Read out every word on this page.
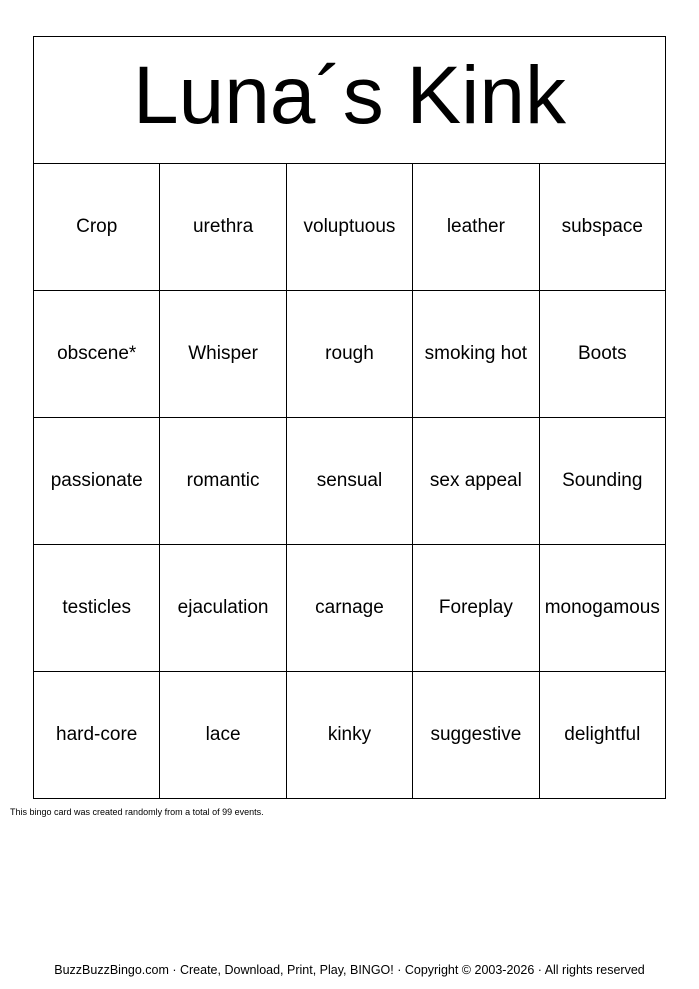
Luna´s Kink				
Crop	urethra	voluptuous	leather	subspace
obscene*	Whisper	rough	smoking hot	Boots
passionate	romantic	sensual	sex appeal	Sounding
testicles	ejaculation	carnage	Foreplay	monogamous
hard-core	lace	kinky	suggestive	delightful
This bingo card was created randomly from a total of 99 events.
BuzzBuzzBingo.com · Create, Download, Print, Play, BINGO! · Copyright © 2003-2026 · All rights reserved
